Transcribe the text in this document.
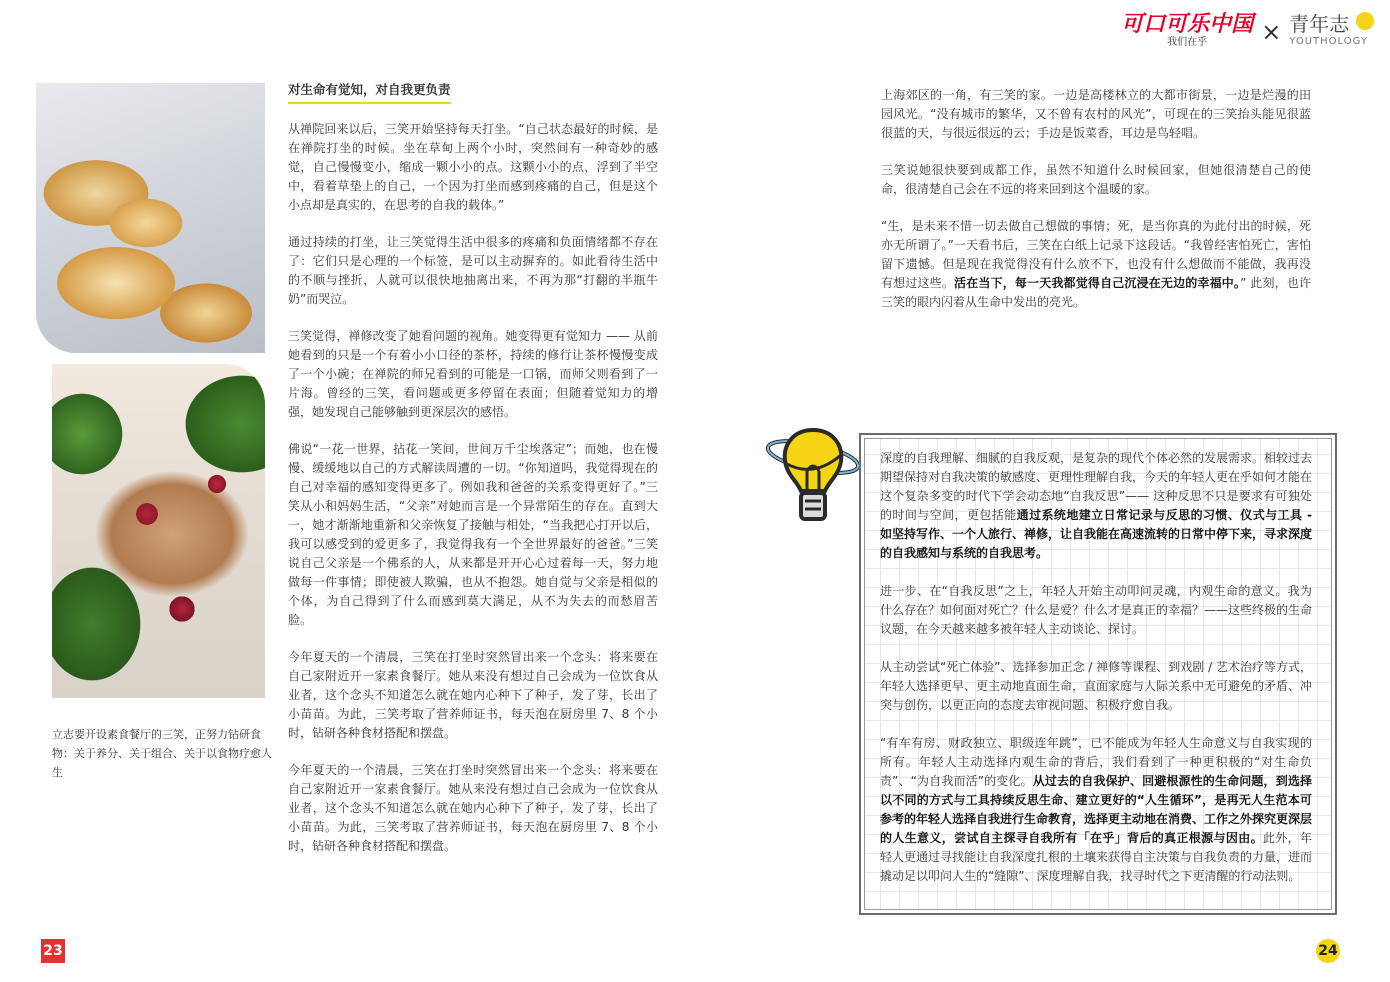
可口可乐中国
我们在乎	× 青年志
YOUTHOLOGY
立志要开设素食餐厅的三笑，正努力钻研食物：关于养分、关于组合、关于以食物疗愈人生
对生命有觉知，对自我更负责

从禅院回来以后，三笑开始坚持每天打坐。“自己状态最好的时候，是在禅院打坐的时候。坐在草甸上两个小时，突然间有一种奇妙的感觉，自己慢慢变小，缩成一颗小小的点。这颗小小的点，浮到了半空中，看着草垫上的自己，一个因为打坐而感到疼痛的自己，但是这个小点却是真实的，在思考的自我的载体。”

通过持续的打坐，让三笑觉得生活中很多的疼痛和负面情绪都不存在了：它们只是心理的一个标签，是可以主动摒弃的。如此看待生活中的不顺与挫折，人就可以很快地抽离出来，不再为那“打翻的半瓶牛奶”而哭泣。

三笑觉得，禅修改变了她看问题的视角。她变得更有觉知力 —— 从前她看到的只是一个有着小小口径的茶杯，持续的修行让茶杯慢慢变成了一个小碗；在禅院的师兄看到的可能是一口锅，而师父则看到了一片海。曾经的三笑，看问题或更多停留在表面；但随着觉知力的增强，她发现自己能够触到更深层次的感悟。

佛说“一花一世界，拈花一笑间，世间万千尘埃落定”；而她，也在慢慢、缓缓地以自己的方式解读周遭的一切。“你知道吗，我觉得现在的自己对幸福的感知变得更多了。例如我和爸爸的关系变得更好了。”三笑从小和妈妈生活，“父亲”对她而言是一个异常陌生的存在。直到大一，她才渐渐地重新和父亲恢复了接触与相处，“当我把心打开以后，我可以感受到的爱更多了，我觉得我有一个全世界最好的爸爸。”三笑说自己父亲是一个佛系的人，从来都是开开心心过着每一天，努力地做每一件事情；即使被人欺骗，也从不抱怨。她自觉与父亲是相似的个体，为自己得到了什么而感到莫大满足，从不为失去的而愁眉苦脸。

今年夏天的一个清晨，三笑在打坐时突然冒出来一个念头：将来要在自己家附近开一家素食餐厅。她从来没有想过自己会成为一位饮食从业者，这个念头不知道怎么就在她内心种下了种子，发了芽，长出了小苗苗。为此，三笑考取了营养师证书，每天泡在厨房里 7、8 个小时，钻研各种食材搭配和摆盘。

今年夏天的一个清晨，三笑在打坐时突然冒出来一个念头：将来要在自己家附近开一家素食餐厅。她从来没有想过自己会成为一位饮食从业者，这个念头不知道怎么就在她内心种下了种子，发了芽，长出了小苗苗。为此，三笑考取了营养师证书，每天泡在厨房里 7、8 个小时，钻研各种食材搭配和摆盘。

上海郊区的一角，有三笑的家。一边是高楼林立的大都市街景，一边是烂漫的田园风光。“没有城市的繁华，又不曾有农村的风光”，可现在的三笑抬头能见很蓝很蓝的天，与很远很远的云；手边是饭菜香，耳边是鸟轻唱。

三笑说她很快要到成都工作，虽然不知道什么时候回家，但她很清楚自己的使命，很清楚自己会在不远的将来回到这个温暖的家。

“生，是未来不惜一切去做自己想做的事情；死，是当你真的为此付出的时候，死亦无所谓了。”一天看书后，三笑在白纸上记录下这段话。“我曾经害怕死亡，害怕留下遗憾。但是现在我觉得没有什么放不下，也没有什么想做而不能做，我再没有想过这些。活在当下，每一天我都觉得自己沉浸在无边的幸福中。” 此刻，也许三笑的眼内闪着从生命中发出的亮光。

深度的自我理解、细腻的自我反观，是复杂的现代个体必然的发展需求。相较过去期望保持对自我决策的敏感度、更理性理解自我，今天的年轻人更在乎如何才能在这个复杂多变的时代下学会动态地“自我反思”—— 这种反思不只是要求有可独处的时间与空间，更包括能通过系统地建立日常记录与反思的习惯、仪式与工具 - 如坚持写作、一个人旅行、禅修，让自我能在高速流转的日常中停下来，寻求深度的自我感知与系统的自我思考。

进一步、在“自我反思”之上，年轻人开始主动叩问灵魂，内观生命的意义。我为什么存在？如何面对死亡？什么是爱？什么才是真正的幸福？——这些终极的生命议题，在今天越来越多被年轻人主动谈论、探讨。

从主动尝试“死亡体验”、选择参加正念 / 禅修等课程、到戏剧 / 艺术治疗等方式，年轻人选择更早、更主动地直面生命，直面家庭与人际关系中无可避免的矛盾、冲突与创伤，以更正向的态度去审视问题、积极疗愈自我。

“有车有房、财政独立、职级连年跳”，已不能成为年轻人生命意义与自我实现的所有。年轻人主动选择内观生命的背后，我们看到了一种更积极的“对生命负责”、“为自我而活”的变化。从过去的自我保护、回避根源性的生命问题，到选择以不同的方式与工具持续反思生命、建立更好的“人生循环”，是再无人生范本可参考的年轻人选择自我进行生命教育，选择更主动地在消费、工作之外探究更深层的人生意义，尝试自主探寻自我所有「在乎」背后的真正根源与因由。此外，年轻人更通过寻找能让自我深度扎根的土壤来获得自主决策与自我负责的力量，进而撬动足以叩问人生的“缝隙”、深度理解自我，找寻时代之下更清醒的行动法则。

23	24
